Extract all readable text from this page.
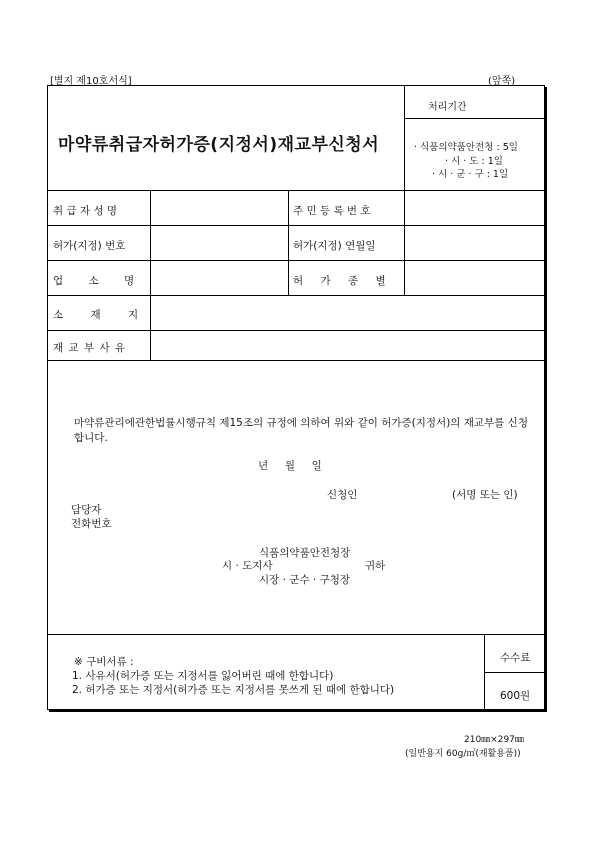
[별지 제10호서식]	(앞쪽)
마약류취급자허가증(지정서)재교부신청서
처리기간
· 식품의약품안전청 : 5일
· 시 · 도 : 1일
· 시 · 군 · 구 : 1일
취 급 자 성 명	주 민 등 록 번 호
허가(지정) 번호	허가(지정) 연월일
업 소 명	허 가 종 별
소 재 지
재 교 부 사 유
마약류관리에관한법률시행규칙 제15조의 규정에 의하여 위와 같이 허가증(지정서)의 재교부를 신청합니다.
년     월     일
신청인	(서명 또는 인)
담당자
전화번호
식품의약품안전청장
시 · 도지사	귀하
시장 · 군수 · 구청장
※ 구비서류 :
1. 사유서(허가증 또는 지정서를 잃어버린 때에 한합니다)
2. 허가증 또는 지정서(허가증 또는 지정서를 못쓰게 된 때에 한합니다)
수수료
600원
210㎜×297㎜
(일반용지 60g/㎡(재활용품))
